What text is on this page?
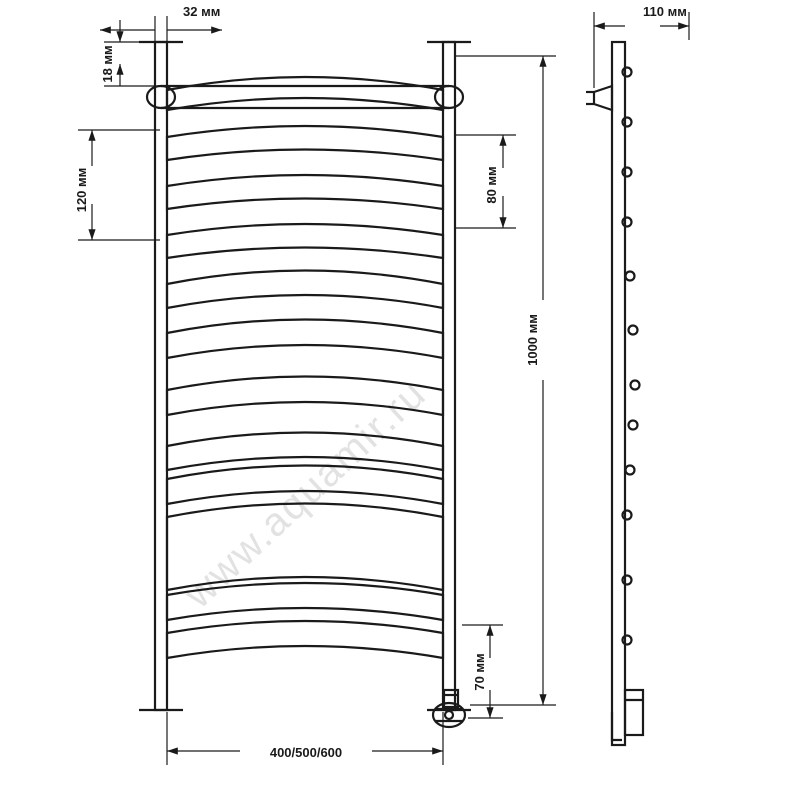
www.aquamir.ru
32 мм
18 мм
120 мм	80 мм
1000 мм
70 мм
400/500/600
110 мм
